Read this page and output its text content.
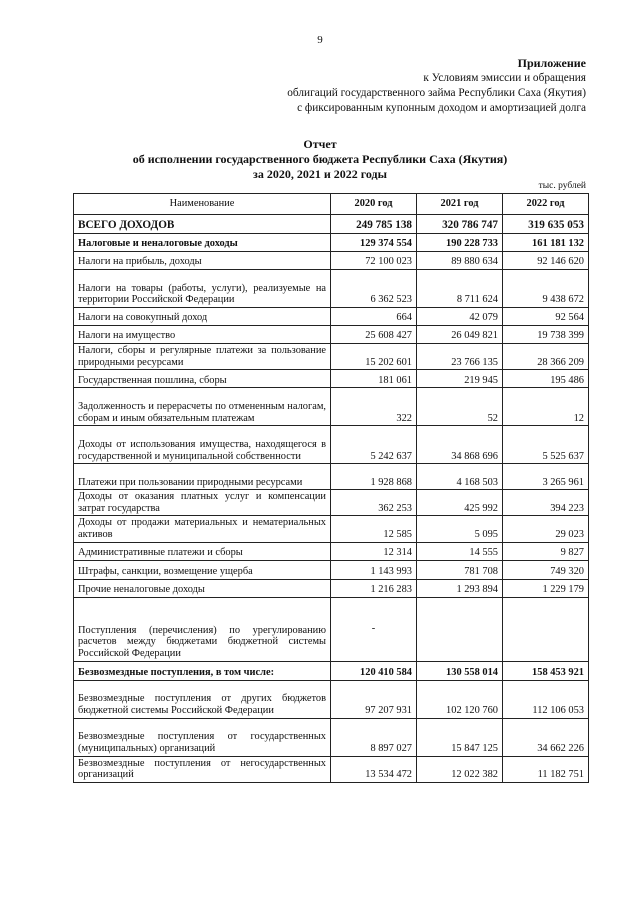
9
Приложение
к Условиям эмиссии и обращения
облигаций государственного займа Республики Саха (Якутия)
с фиксированным купонным доходом и амортизацией долга
Отчет
об исполнении государственного бюджета Республики Саха (Якутия)
за 2020, 2021 и 2022 годы
тыс. рублей
Наименование	2020 год	2021 год	2022 год
ВСЕГО ДОХОДОВ	249 785 138	320 786 747	319 635 053
Налоговые и неналоговые доходы	129 374 554	190 228 733	161 181 132
Налоги на прибыль, доходы	72 100 023	89 880 634	92 146 620
Налоги на товары (работы, услуги), реализуемые на территории Российской Федерации	6 362 523	8 711 624	9 438 672
Налоги на совокупный доход	664	42 079	92 564
Налоги на имущество	25 608 427	26 049 821	19 738 399
Налоги, сборы и регулярные платежи за пользование природными ресурсами	15 202 601	23 766 135	28 366 209
Государственная пошлина, сборы	181 061	219 945	195 486
Задолженность и перерасчеты по отмененным налогам, сборам и иным обязательным платежам	322	52	12
Доходы от использования имущества, находящегося в государственной и муниципальной собственности	5 242 637	34 868 696	5 525 637
Платежи при пользовании природными ресурсами	1 928 868	4 168 503	3 265 961
Доходы от оказания платных услуг и компенсации затрат государства	362 253	425 992	394 223
Доходы от продажи материальных и нематериальных активов	12 585	5 095	29 023
Административные платежи и сборы	12 314	14 555	9 827
Штрафы, санкции, возмещение ущерба	1 143 993	781 708	749 320
Прочие неналоговые доходы	1 216 283	1 293 894	1 229 179
Поступления (перечисления) по урегулированию расчетов между бюджетами бюджетной системы Российской Федерации	-		
Безвозмездные поступления, в том числе:	120 410 584	130 558 014	158 453 921
Безвозмездные поступления от других бюджетов бюджетной системы Российской Федерации	97 207 931	102 120 760	112 106 053
Безвозмездные поступления от государственных (муниципальных) организаций	8 897 027	15 847 125	34 662 226
Безвозмездные поступления от негосударственных организаций	13 534 472	12 022 382	11 182 751
